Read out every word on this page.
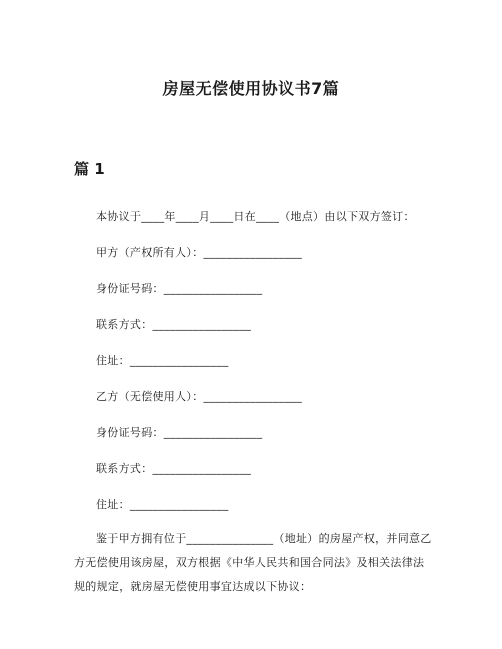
房屋无偿使用协议书7篇
篇 1
本协议于____年____月____日在____（地点）由以下双方签订：
甲方（产权所有人）：_________________
身份证号码：_________________
联系方式：_________________
住址：_________________
乙方（无偿使用人）：_________________
身份证号码：_________________
联系方式：_________________
住址：_________________
鉴于甲方拥有位于_______________（地址）的房屋产权，并同意乙方无偿使用该房屋，双方根据《中华人民共和国合同法》及相关法律法规的规定，就房屋无偿使用事宜达成以下协议：
